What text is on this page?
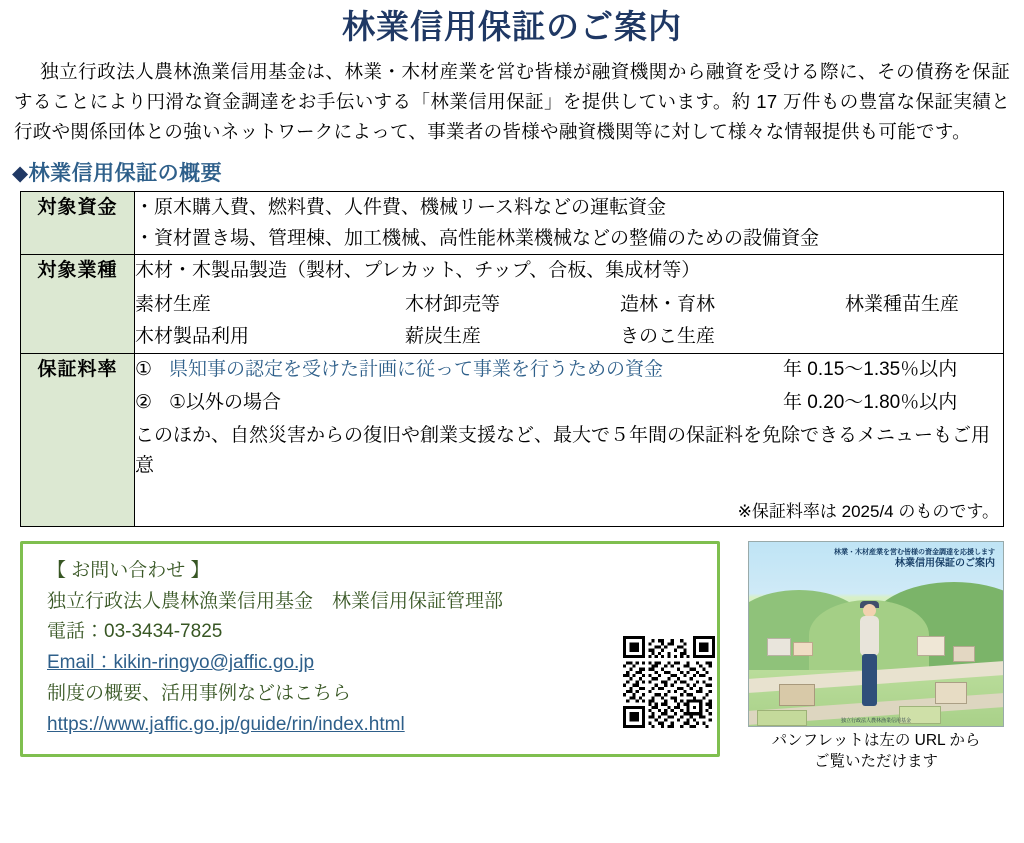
林業信用保証のご案内

独立行政法人農林漁業信用基金は、林業・木材産業を営む皆様が融資機関から融資を受ける際に、その債務を保証することにより円滑な資金調達をお手伝いする「林業信用保証」を提供しています。約 17 万件もの豊富な保証実績と行政や関係団体との強いネットワークによって、事業者の皆様や融資機関等に対して様々な情報提供も可能です。

◆林業信用保証の概要
対象資金	・原木購入費、燃料費、人件費、機械リース料などの運転資金
・資材置き場、管理棟、加工機械、高性能林業機械などの整備のための設備資金

対象業種	木材・木製品製造（製材、プレカット、チップ、合板、集成材等）
素材生産	木材卸売等	造林・育林	林業種苗生産
木材製品利用	薪炭生産	きのこ生産

保証料率	① 県知事の認定を受けた計画に従って事業を行うための資金	年 0.15〜1.35％以内
② ①以外の場合	年 0.20〜1.80％以内
このほか、自然災害からの復旧や創業支援など、最大で５年間の保証料を免除できるメニューもご用意
※保証料率は 2025/4 のものです。
【 お問い合わせ 】
独立行政法人農林漁業信用基金　林業信用保証管理部
電話：03-3434-7825
Email：kikin-ringyo@jaffic.go.jp
制度の概要、活用事例などはこちら
https://www.jaffic.go.jp/guide/rin/index.html
林業・木材産業を営む皆様の資金調達を応援します
林業信用保証のご案内
独立行政法人農林漁業信用基金
パンフレットは左の URL から
ご覧いただけます
